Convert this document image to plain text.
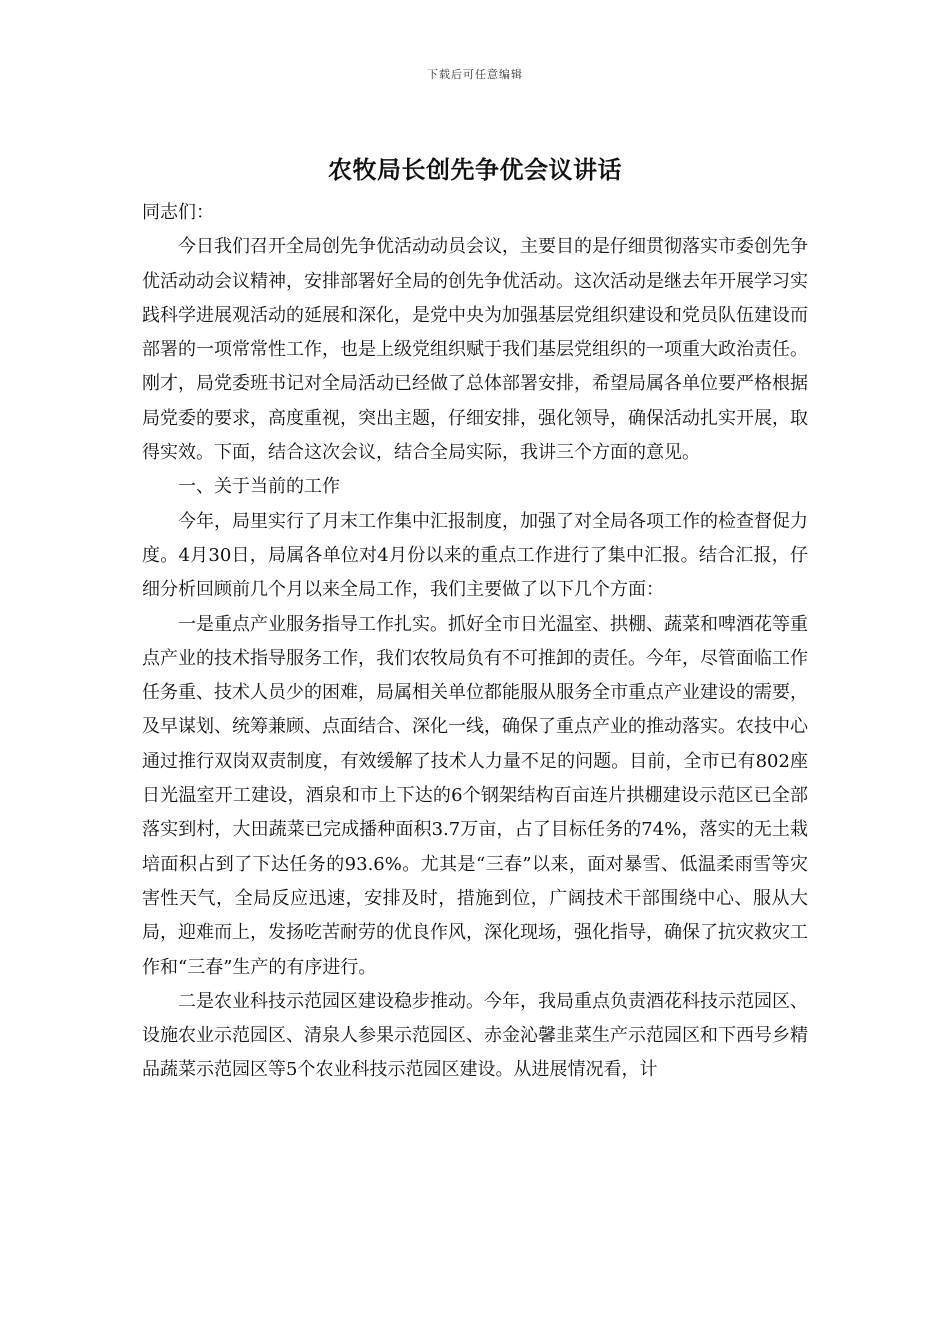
下载后可任意编辑
农牧局长创先争优会议讲话

同志们：

今日我们召开全局创先争优活动动员会议，主要目的是仔细贯彻落实市委创先争优活动动会议精神，安排部署好全局的创先争优活动。这次活动是继去年开展学习实践科学进展观活动的延展和深化，是党中央为加强基层党组织建设和党员队伍建设而部署的一项常常性工作，也是上级党组织赋于我们基层党组织的一项重大政治责任。刚才，局党委班书记对全局活动已经做了总体部署安排，希望局属各单位要严格根据局党委的要求，高度重视，突出主题，仔细安排，强化领导，确保活动扎实开展，取得实效。下面，结合这次会议，结合全局实际，我讲三个方面的意见。

一、关于当前的工作

今年，局里实行了月末工作集中汇报制度，加强了对全局各项工作的检查督促力度。4月30日，局属各单位对4月份以来的重点工作进行了集中汇报。结合汇报，仔细分析回顾前几个月以来全局工作，我们主要做了以下几个方面：

一是重点产业服务指导工作扎实。抓好全市日光温室、拱棚、蔬菜和啤酒花等重点产业的技术指导服务工作，我们农牧局负有不可推卸的责任。今年，尽管面临工作任务重、技术人员少的困难，局属相关单位都能服从服务全市重点产业建设的需要，及早谋划、统筹兼顾、点面结合、深化一线，确保了重点产业的推动落实。农技中心通过推行双岗双责制度，有效缓解了技术人力量不足的问题。目前，全市已有802座日光温室开工建设，酒泉和市上下达的6个钢架结构百亩连片拱棚建设示范区已全部落实到村，大田蔬菜已完成播种面积3.7万亩，占了目标任务的74%，落实的无土栽培面积占到了下达任务的93.6%。尤其是“三春”以来，面对暴雪、低温柔雨雪等灾害性天气，全局反应迅速，安排及时，措施到位，广阔技术干部围绕中心、服从大局，迎难而上，发扬吃苦耐劳的优良作风，深化现场，强化指导，确保了抗灾救灾工作和“三春”生产的有序进行。

二是农业科技示范园区建设稳步推动。今年，我局重点负责酒花科技示范园区、设施农业示范园区、清泉人参果示范园区、赤金沁馨韭菜生产示范园区和下西号乡精品蔬菜示范园区等5个农业科技示范园区建设。从进展情况看，计
